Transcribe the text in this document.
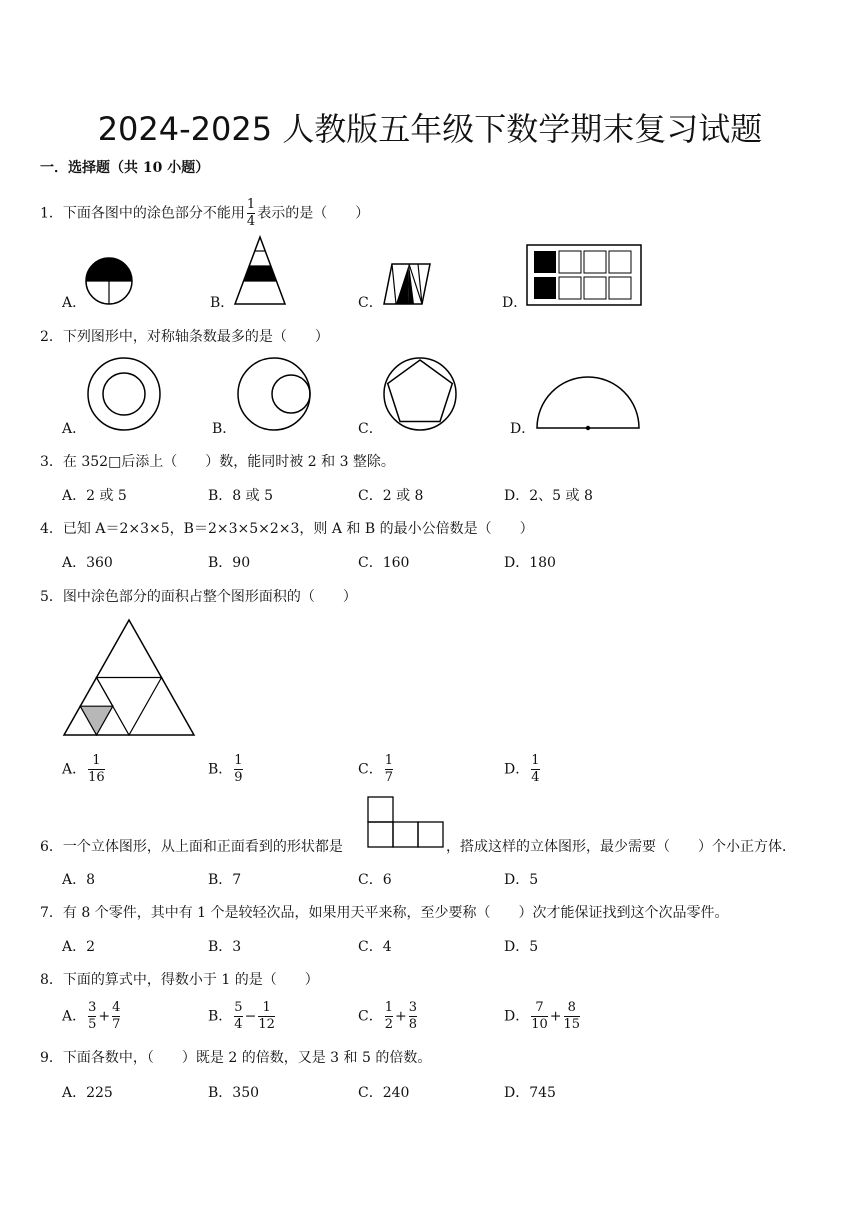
2024-2025 人教版五年级下数学期末复习试题
一．选择题（共 10 小题）
1．下面各图中的涂色部分不能用 $\frac{1}{4}$ 表示的是（　　）
A．	B．	C．	D．
2．下列图形中，对称轴条数最多的是（　　）
A．	B．	C．	D．
3．在 352□后添上（　　）数，能同时被 2 和 3 整除。
A．2 或 5	B．8 或 5	C．2 或 8	D．2、5 或 8
4．已知 A＝2×3×5，B＝2×3×5×2×3，则 A 和 B 的最小公倍数是（　　）
A．360	B．90	C．160	D．180
5．图中涂色部分的面积占整个图形面积的（　　）
A． $\frac{1}{16}$	B． $\frac{1}{9}$	C． $\frac{1}{7}$	D． $\frac{1}{4}$
6．一个立体图形，从上面和正面看到的形状都是	，搭成这样的立体图形，最少需要（　　）个小正方体．
A．8	B．7	C．6	D．5
7．有 8 个零件，其中有 1 个是较轻次品，如果用天平来称，至少要称（　　）次才能保证找到这个次品零件。
A．2	B．3	C．4	D．5
8．下面的算式中，得数小于 1 的是（　　）
A． $\frac{3}{5} + \frac{4}{7}$	B． $\frac{5}{4} - \frac{1}{12}$	C． $\frac{1}{2} + \frac{3}{8}$	D． $\frac{7}{10} + \frac{8}{15}$
9．下面各数中，（　　）既是 2 的倍数，又是 3 和 5 的倍数。
A．225	B．350	C．240	D．745
